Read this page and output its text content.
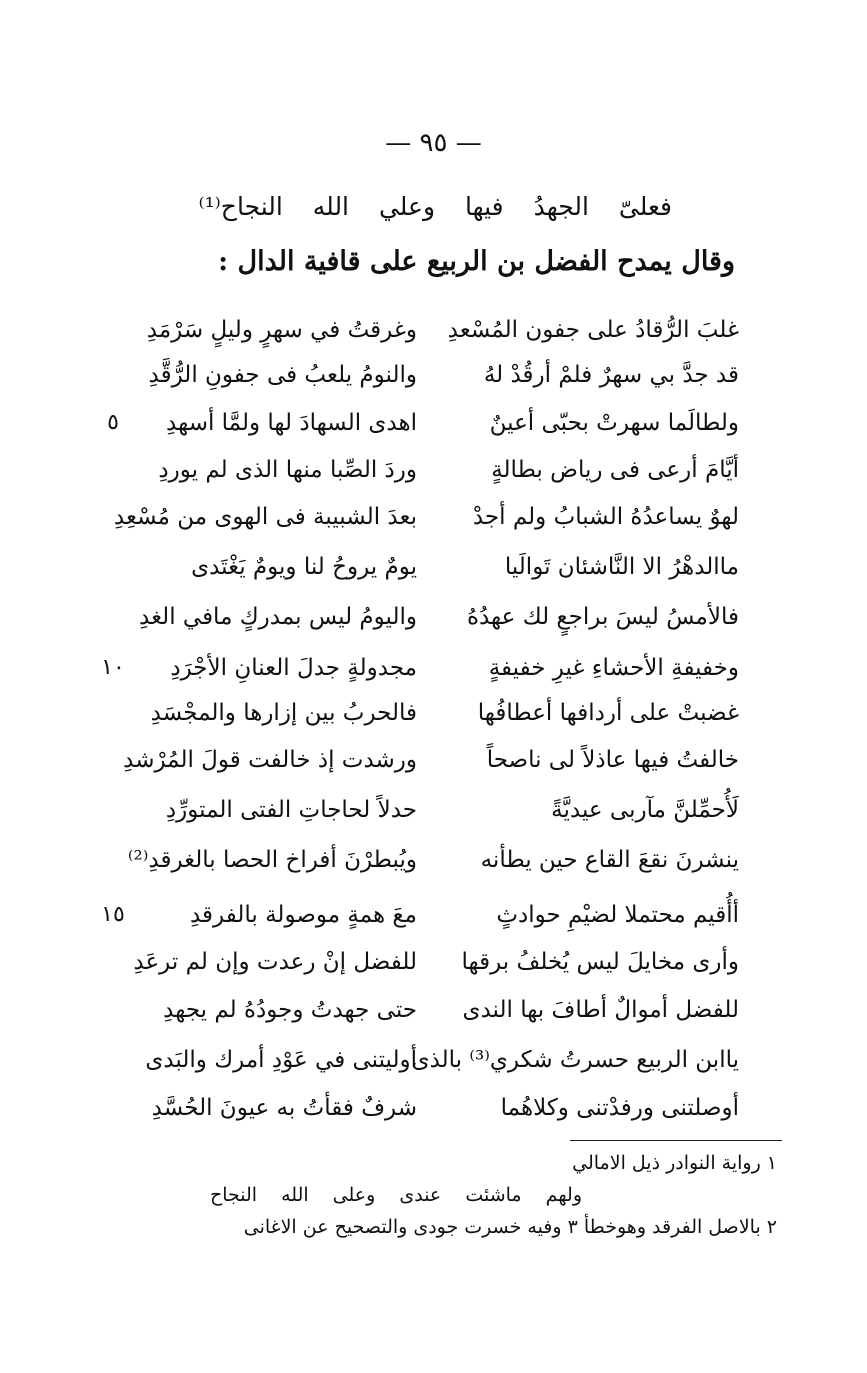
— ٩٥ —
فعلىّ الجهدُ فيها وعلي الله النجاح⁽¹⁾
وقال يمدح الفضل بن الربيع على قافية الدال :
غلبَ الرُّقادُ على جفون المُسْعدِ
وغرقتُ في سهرٍ وليلٍ سَرْمَدِ
قد جدَّ بي سهرٌ فلمْ أرقُدْ لهُ
والنومُ يلعبُ فى جفونِ الرُّقَّدِ
ولطالَما سهرتْ بحبّى أعينٌ
اهدى السهادَ لها ولمَّا أسهدِ
٥
أيَّامَ أرعى فى رياض بطالةٍ
وردَ الصِّبا منها الذى لم يوردِ
لهوٌ يساعدُهُ الشبابُ ولم أجدْ
بعدَ الشبيبة فى الهوى من مُسْعِدِ
ماالدهْرُ الا النَّاشئان تَوالَيا
يومٌ يروحُ لنا ويومٌ يَغْتَدى
فالأمسُ ليسَ براجعٍ لك عهدُهُ
واليومُ ليس بمدركٍ مافي الغدِ
وخفيفةِ الأحشاءِ غيرِ خفيفةٍ
مجدولةٍ جدلَ العنانِ الأجْرَدِ
١٠
غضبتْ على أردافها أعطافُها
فالحربُ بين إزارها والمجْسَدِ
خالفتُ فيها عاذلاً لى ناصحاً
ورشدت إذ خالفت قولَ المُرْشدِ
لَأُحمِّلنَّ مآربى عيديَّةً
حدلاً لحاجاتِ الفتى المتورِّدِ
ينشرنَ نقعَ القاع حين يطأنه
ويُبطرْنَ أفراخ الحصا بالغرقدِ⁽²⁾
أأُقيم محتملا لضيْمِ حوادثٍ
معَ همةٍ موصولة بالفرقدِ
١٥
وأرى مخايلَ ليس يُخلفُ برقها
للفضل إنْ رعدت وإن لم ترعَدِ
للفضل أموالٌ أطافَ بها الندى
حتى جهدتُ وجودُهُ لم يجهدِ
ياابن الربيع حسرتُ شكري⁽³⁾ بالذى
أوليتنى في عَوْدِ أمرك والبَدى
أوصلتنى ورفدْتنى وكلاهُما
شرفٌ فقأتُ به عيونَ الحُسَّدِ
١ رواية النوادر ذيل الامالي
ولهم ماشئت عندى وعلى الله النجاح
٢ بالاصل الفرقد وهوخطأ ٣ وفيه خسرت جودى والتصحيح عن الاغانى
